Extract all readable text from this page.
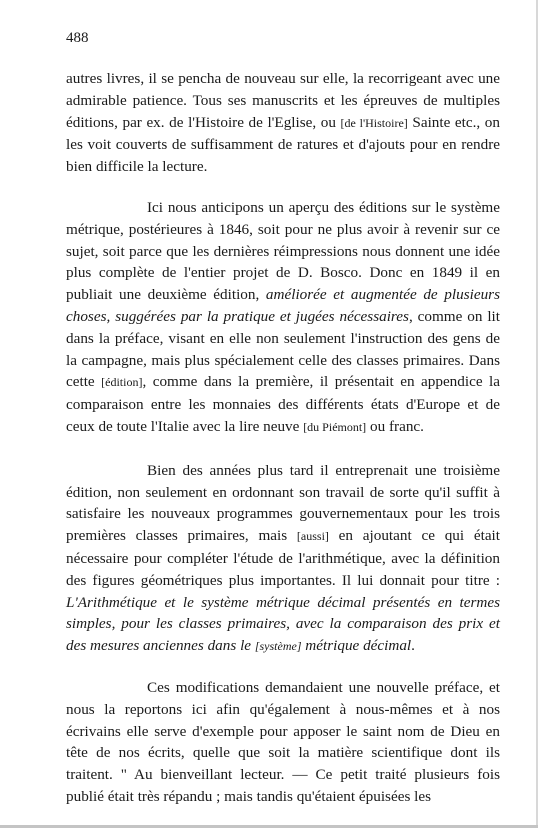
488

autres livres, il se pencha de nouveau sur elle, la recorrigeant avec une admirable patience. Tous ses manuscrits et les épreuves de multiples éditions, par ex. de l'Histoire de l'Eglise, ou [de l'Histoire] Sainte etc., on les voit couverts de suffisamment de ratures et d'ajouts pour en rendre bien difficile la lecture.

Ici nous anticipons un aperçu des éditions sur le système métrique, postérieures à 1846, soit pour ne plus avoir à revenir sur ce sujet, soit parce que les dernières réimpressions nous donnent une idée plus complète de l'entier projet de D. Bosco. Donc en 1849 il en publiait une deuxième édition, améliorée et augmentée de plusieurs choses, suggérées par la pratique et jugées nécessaires, comme on lit dans la préface, visant en elle non seulement l'instruction des gens de la campagne, mais plus spécialement celle des classes primaires. Dans cette [édition], comme dans la première, il présentait en appendice la comparaison entre les monnaies des différents états d'Europe et de ceux de toute l'Italie avec la lire neuve [du Piémont] ou franc.

Bien des années plus tard il entreprenait une troisième édition, non seulement en ordonnant son travail de sorte qu'il suffit à satisfaire les nouveaux programmes gouvernementaux pour les trois premières classes primaires, mais [aussi] en ajoutant ce qui était nécessaire pour compléter l'étude de l'arithmétique, avec la définition des figures géométriques plus importantes. Il lui donnait pour titre : L'Arithmétique et le système métrique décimal présentés en termes simples, pour les classes primaires, avec la comparaison des prix et des mesures anciennes dans le [système] métrique décimal.

Ces modifications demandaient une nouvelle préface, et nous la reportons ici afin qu'également à nous-mêmes et à nos écrivains elle serve d'exemple pour apposer le saint nom de Dieu en tête de nos écrits, quelle que soit la matière scientifique dont ils traitent. " Au bienveillant lecteur. — Ce petit traité plusieurs fois publié était très répandu ; mais tandis qu'étaient épuisées les
